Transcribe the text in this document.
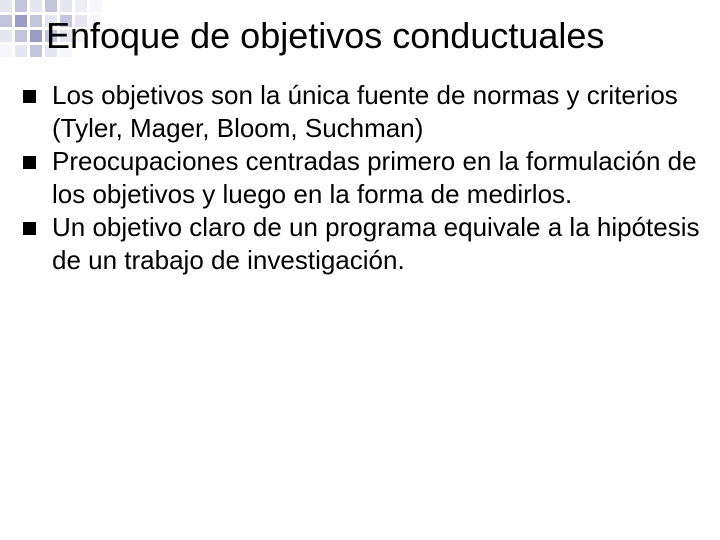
Enfoque de objetivos conductuales
Los objetivos son la única fuente de normas y criterios (Tyler, Mager, Bloom, Suchman)
Preocupaciones centradas primero en la formulación de los objetivos y luego en la forma de medirlos.
Un objetivo claro de un programa equivale a la hipótesis de un trabajo de investigación.
